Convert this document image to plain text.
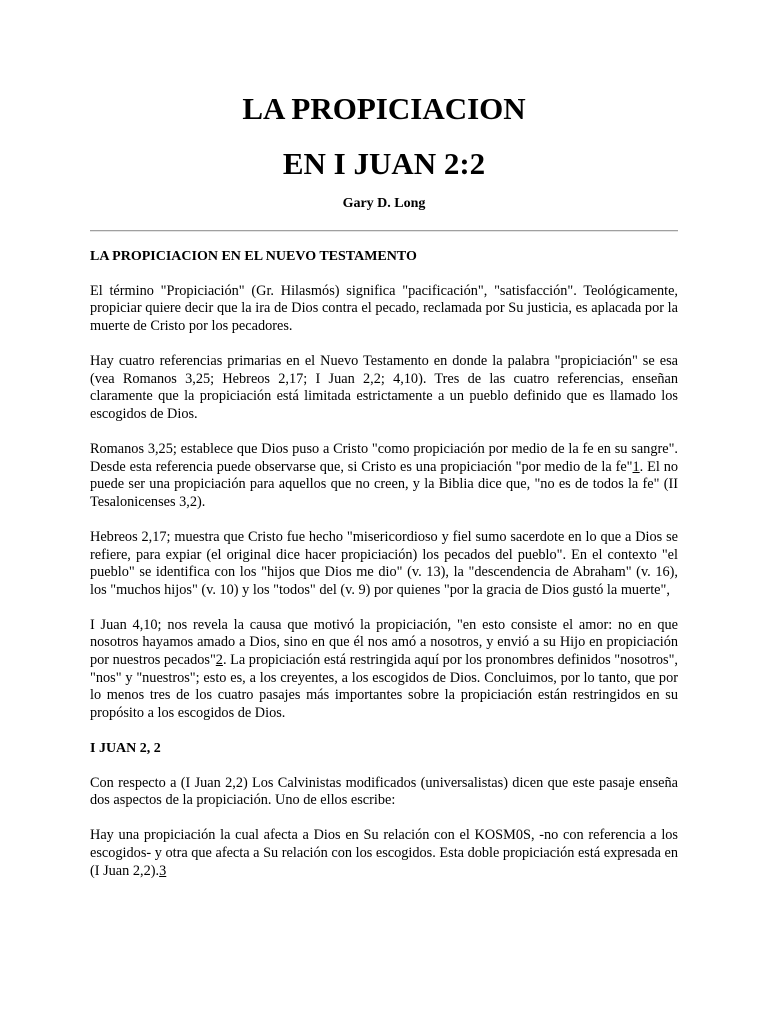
LA PROPICIACION
EN I JUAN 2:2

Gary D. Long

LA PROPICIACION EN EL NUEVO TESTAMENTO

El término "Propiciación" (Gr. Hilasmós) significa "pacificación", "satisfacción". Teológicamente, propiciar quiere decir que la ira de Dios contra el pecado, reclamada por Su justicia, es aplacada por la muerte de Cristo por los pecadores.

Hay cuatro referencias primarias en el Nuevo Testamento en donde la palabra "propiciación" se esa (vea Romanos 3,25; Hebreos 2,17; I Juan 2,2; 4,10). Tres de las cuatro referencias, enseñan claramente que la propiciación está limitada estrictamente a un pueblo definido que es llamado los escogidos de Dios.

Romanos 3,25; establece que Dios puso a Cristo "como propiciación por medio de la fe en su sangre". Desde esta referencia puede observarse que, si Cristo es una propiciación "por medio de la fe"1. El no puede ser una propiciación para aquellos que no creen, y la Biblia dice que, "no es de todos la fe" (II Tesalonicenses 3,2).

Hebreos 2,17; muestra que Cristo fue hecho "misericordioso y fiel sumo sacerdote en lo que a Dios se refiere, para expiar (el original dice hacer propiciación) los pecados del pueblo". En el contexto "el pueblo" se identifica con los "hijos que Dios me dio" (v. 13), la "descendencia de Abraham" (v. 16), los "muchos hijos" (v. 10) y los "todos" del (v. 9) por quienes "por la gracia de Dios gustó la muerte",

I Juan 4,10; nos revela la causa que motivó la propiciación, "en esto consiste el amor: no en que nosotros hayamos amado a Dios, sino en que él nos amó a nosotros, y envió a su Hijo en propiciación por nuestros pecados"2. La propiciación está restringida aquí por los pronombres definidos "nosotros", "nos" y "nuestros"; esto es, a los creyentes, a los escogidos de Dios. Concluimos, por lo tanto, que por lo menos tres de los cuatro pasajes más importantes sobre la propiciación están restringidos en su propósito a los escogidos de Dios.

I JUAN 2, 2

Con respecto a (I Juan 2,2) Los Calvinistas modificados (universalistas) dicen que este pasaje enseña dos aspectos de la propiciación. Uno de ellos escribe:

Hay una propiciación la cual afecta a Dios en Su relación con el KOSM0S, -no con referencia a los escogidos- y otra que afecta a Su relación con los escogidos. Esta doble propiciación está expresada en (I Juan 2,2).3
